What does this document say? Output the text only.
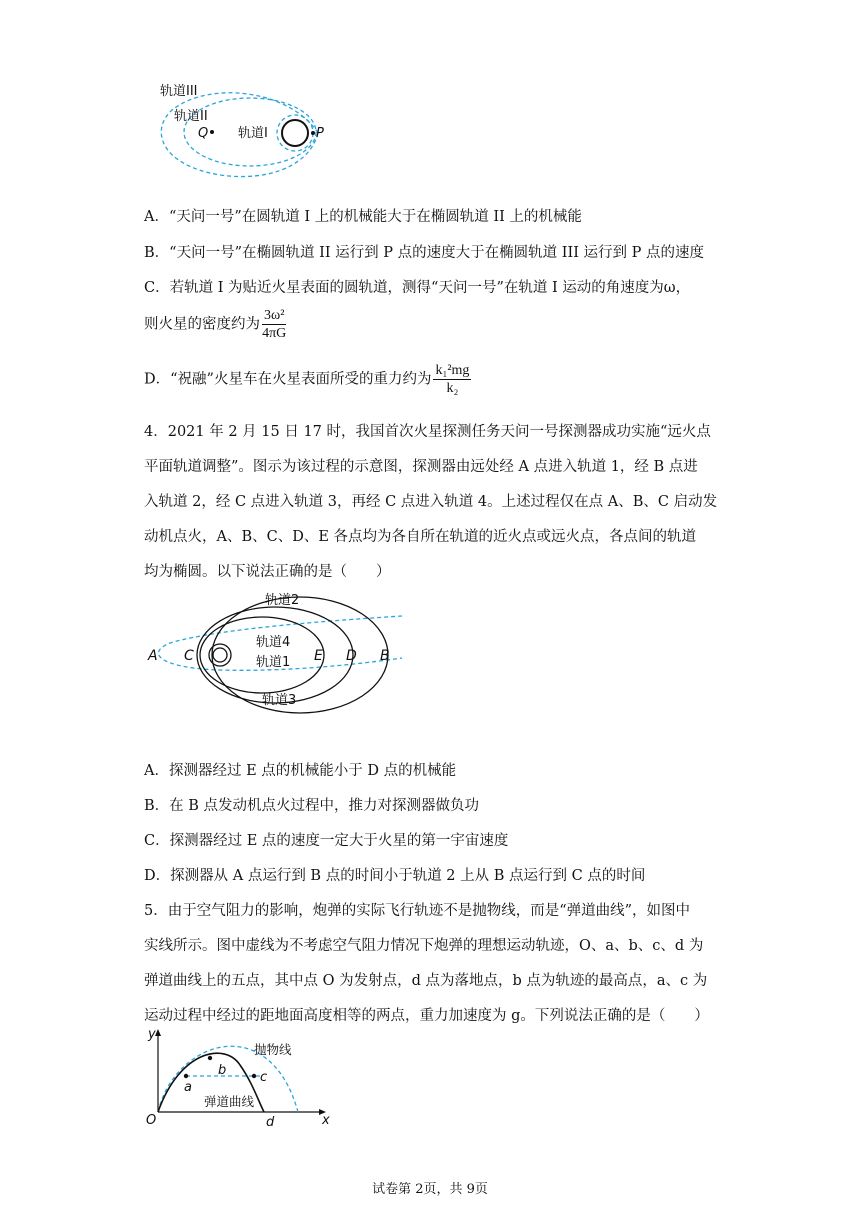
轨道III
轨道II
轨道I
Q	P
A．“天问一号”在圆轨道 I 上的机械能大于在椭圆轨道 II 上的机械能
B．“天问一号”在椭圆轨道 II 运行到 P 点的速度大于在椭圆轨道 III 运行到 P 点的速度
C．若轨道 I 为贴近火星表面的圆轨道，测得“天问一号”在轨道 I 运动的角速度为ω，
则火星的密度约为 $\frac{\text{3ω²}}{4\pi G}$
D．“祝融”火星车在火星表面所受的重力约为 $\frac{\text{k₁²mg}}{\text{k₂}}$
4．2021 年 2 月 15 日 17 时，我国首次火星探测任务天问一号探测器成功实施“远火点
平面轨道调整”。图示为该过程的示意图，探测器由远处经 A 点进入轨道 1，经 B 点进
入轨道 2，经 C 点进入轨道 3，再经 C 点进入轨道 4。上述过程仅在点 A、B、C 启动发
动机点火，A、B、C、D、E 各点均为各自所在轨道的近火点或远火点，各点间的轨道
均为椭圆。以下说法正确的是（　　）
轨道2
轨道4
轨道1
轨道3
A C	E D B
A．探测器经过 E 点的机械能小于 D 点的机械能
B．在 B 点发动机点火过程中，推力对探测器做负功
C．探测器经过 E 点的速度一定大于火星的第一宇宙速度
D．探测器从 A 点运行到 B 点的时间小于轨道 2 上从 B 点运行到 C 点的时间
5．由于空气阻力的影响，炮弹的实际飞行轨迹不是抛物线，而是“弹道曲线”，如图中
实线所示。图中虚线为不考虑空气阻力情况下炮弹的理想运动轨迹，O、a、b、c、d 为
弹道曲线上的五点，其中点 O 为发射点，d 点为落地点，b 点为轨迹的最高点，a、c 为
运动过程中经过的距地面高度相等的两点，重力加速度为 g。下列说法正确的是（　　）
y
x
O
a
b	c
d
抛物线
弹道曲线
试卷第 2页，共 9页
